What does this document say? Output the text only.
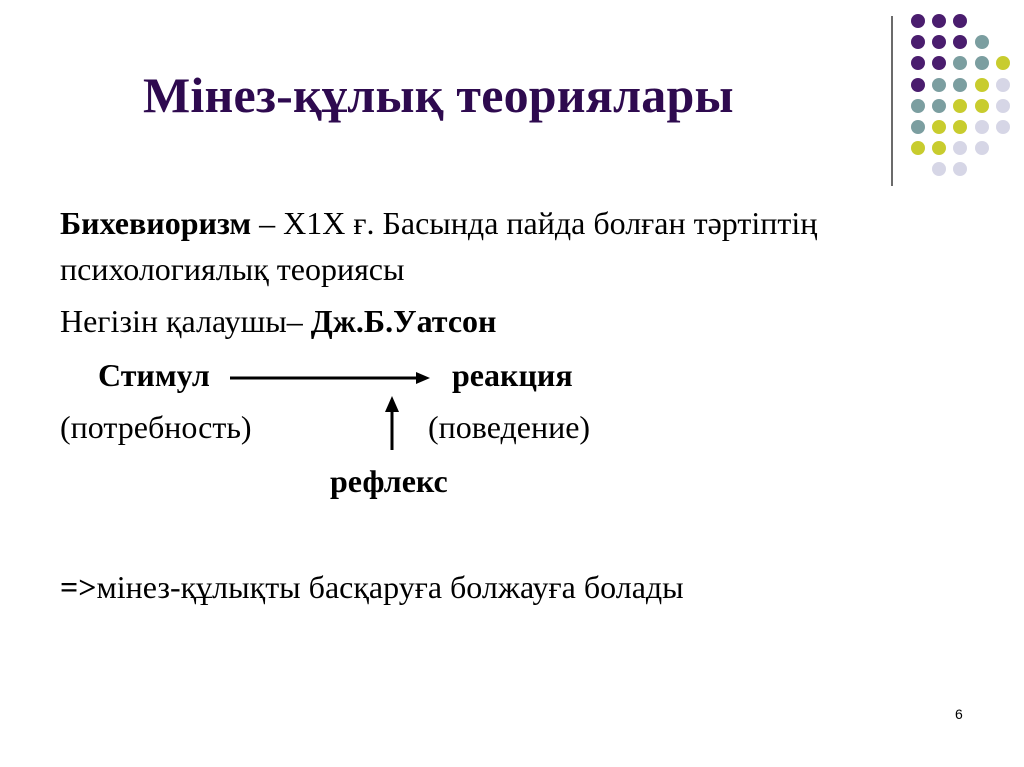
Мінез-құлық теориялары
Бихевиоризм – Х1Х ғ. Басында пайда болған тәртіптің
психологиялық теориясы
Негізін қалаушы– Дж.Б.Уатсон
Стимул	реакция
(потребность)	(поведение)
рефлекс
=>мінез-құлықты басқаруға болжауға болады
6
